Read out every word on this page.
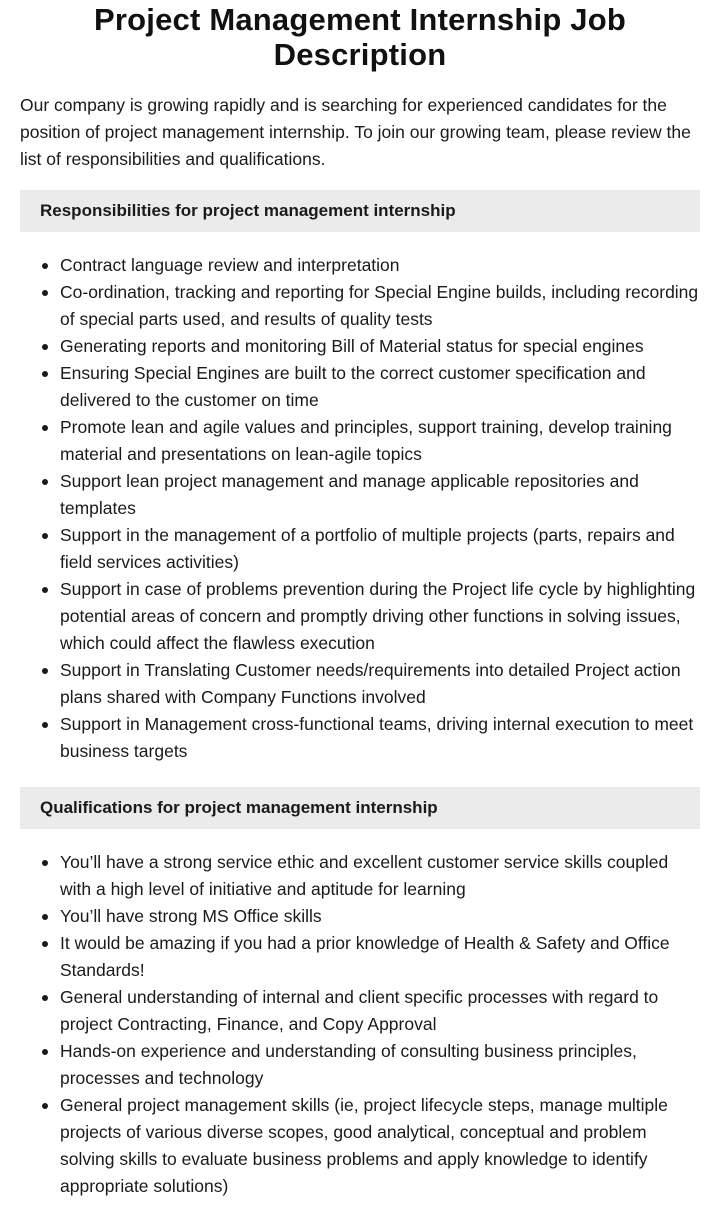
Project Management Internship Job Description

Our company is growing rapidly and is searching for experienced candidates for the position of project management internship. To join our growing team, please review the list of responsibilities and qualifications.

Responsibilities for project management internship
Contract language review and interpretation
Co-ordination, tracking and reporting for Special Engine builds, including recording of special parts used, and results of quality tests
Generating reports and monitoring Bill of Material status for special engines
Ensuring Special Engines are built to the correct customer specification and delivered to the customer on time
Promote lean and agile values and principles, support training, develop training material and presentations on lean-agile topics
Support lean project management and manage applicable repositories and templates
Support in the management of a portfolio of multiple projects (parts, repairs and field services activities)
Support in case of problems prevention during the Project life cycle by highlighting potential areas of concern and promptly driving other functions in solving issues, which could affect the flawless execution
Support in Translating Customer needs/requirements into detailed Project action plans shared with Company Functions involved
Support in Management cross-functional teams, driving internal execution to meet business targets
Qualifications for project management internship
You’ll have a strong service ethic and excellent customer service skills coupled with a high level of initiative and aptitude for learning
You’ll have strong MS Office skills
It would be amazing if you had a prior knowledge of Health & Safety and Office Standards!
General understanding of internal and client specific processes with regard to project Contracting, Finance, and Copy Approval
Hands-on experience and understanding of consulting business principles, processes and technology
General project management skills (ie, project lifecycle steps, manage multiple projects of various diverse scopes, good analytical, conceptual and problem solving skills to evaluate business problems and apply knowledge to identify appropriate solutions)
